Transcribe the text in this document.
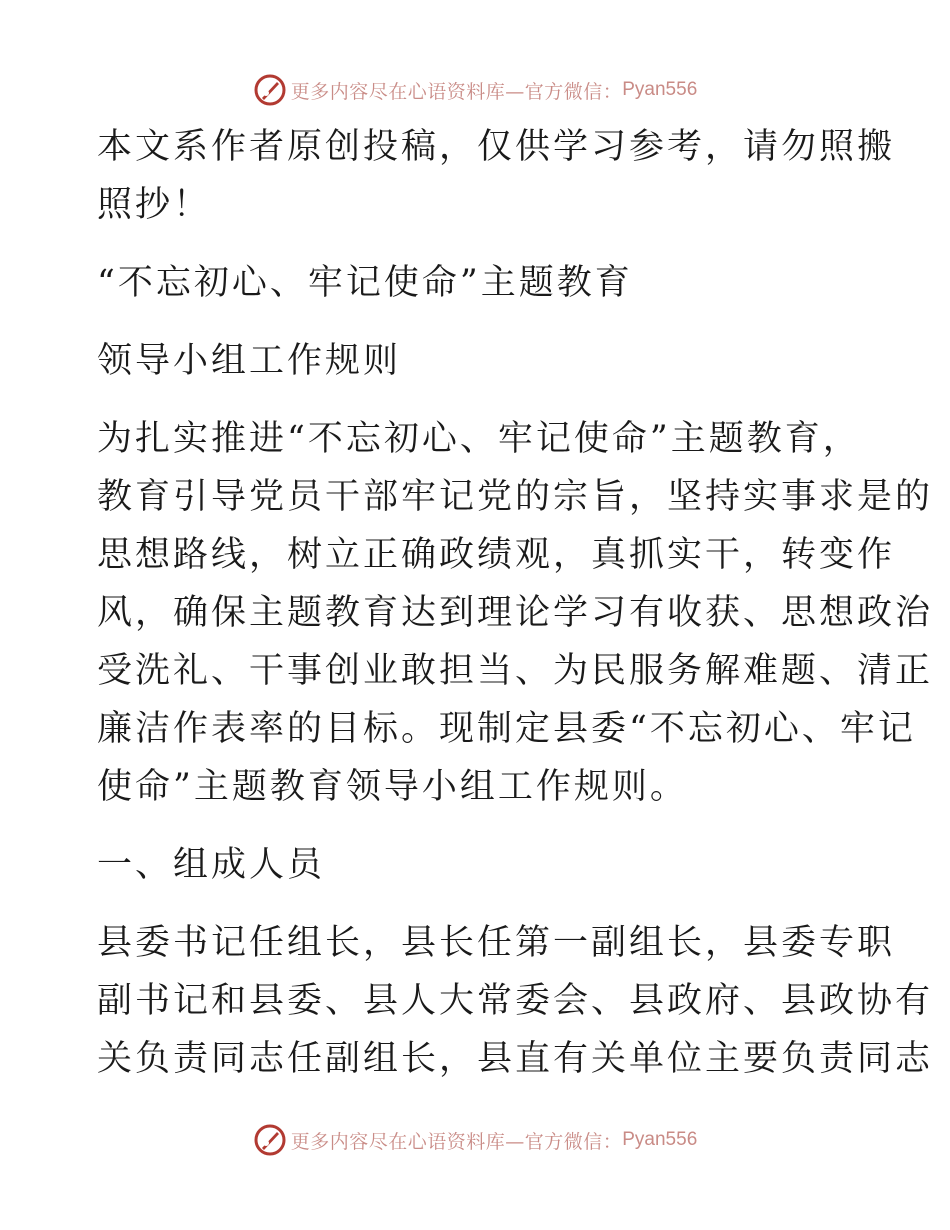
更多内容尽在心语资料库—官方微信： Pyan556
本文系作者原创投稿，仅供学习参考，请勿照搬
照抄！
“不忘初心、牢记使命”主题教育
领导小组工作规则
为扎实推进“不忘初心、牢记使命”主题教育，
教育引导党员干部牢记党的宗旨，坚持实事求是的
思想路线，树立正确政绩观，真抓实干，转变作
风，确保主题教育达到理论学习有收获、思想政治
受洗礼、干事创业敢担当、为民服务解难题、清正
廉洁作表率的目标。现制定县委“不忘初心、牢记
使命”主题教育领导小组工作规则。
一、组成人员
县委书记任组长，县长任第一副组长，县委专职
副书记和县委、县人大常委会、县政府、县政协有
关负责同志任副组长，县直有关单位主要负责同志
更多内容尽在心语资料库—官方微信： Pyan556
